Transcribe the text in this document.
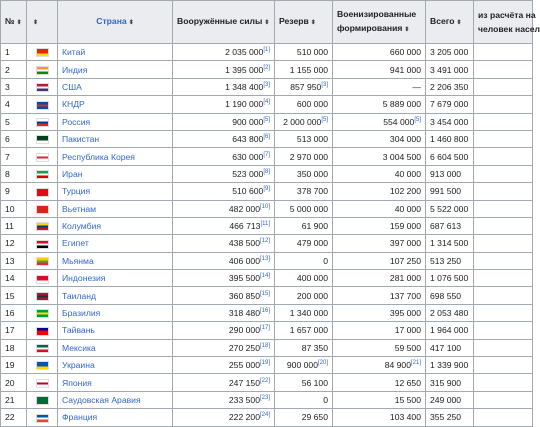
№ ⬍	⬍	Страна ⬍	Вооружённые силы ⬍	Резерв ⬍	Военизированные
формирования ⬍	Всего ⬍	из расчёта на
человек насел
1		Китай	2 035 000[1]	510 000	660 000	3 205 000	
2		Индия	1 395 000[2]	1 155 000	941 000	3 491 000	
3		США	1 348 400[3]	857 950[3]	—	2 206 350	
4		КНДР	1 190 000[4]	600 000	5 889 000	7 679 000	
5		Россия	900 000[5]	2 000 000[5]	554 000[5]	3 454 000	
6		Пакистан	643 800[6]	513 000	304 000	1 460 800	
7		Республика Корея	630 000[7]	2 970 000	3 004 500	6 604 500	
8		Иран	523 000[8]	350 000	40 000	913 000	
9		Турция	510 600[9]	378 700	102 200	991 500	
10		Вьетнам	482 000[10]	5 000 000	40 000	5 522 000	
11		Колумбия	466 713[11]	61 900	159 000	687 613	
12		Египет	438 500[12]	479 000	397 000	1 314 500	
13		Мьянма	406 000[13]	0	107 250	513 250	
14		Индонезия	395 500[14]	400 000	281 000	1 076 500	
15		Таиланд	360 850[15]	200 000	137 700	698 550	
16		Бразилия	318 480[16]	1 340 000	395 000	2 053 480	
17		Тайвань	290 000[17]	1 657 000	17 000	1 964 000	
18		Мексика	270 250[18]	87 350	59 500	417 100	
19		Украина	255 000[19]	900 000[20]	84 900[21]	1 339 900	
20		Япония	247 150[22]	56 100	12 650	315 900	
21		Саудовская Аравия	233 500[23]	0	15 500	249 000	
22		Франция	222 200[24]	29 650	103 400	355 250	
